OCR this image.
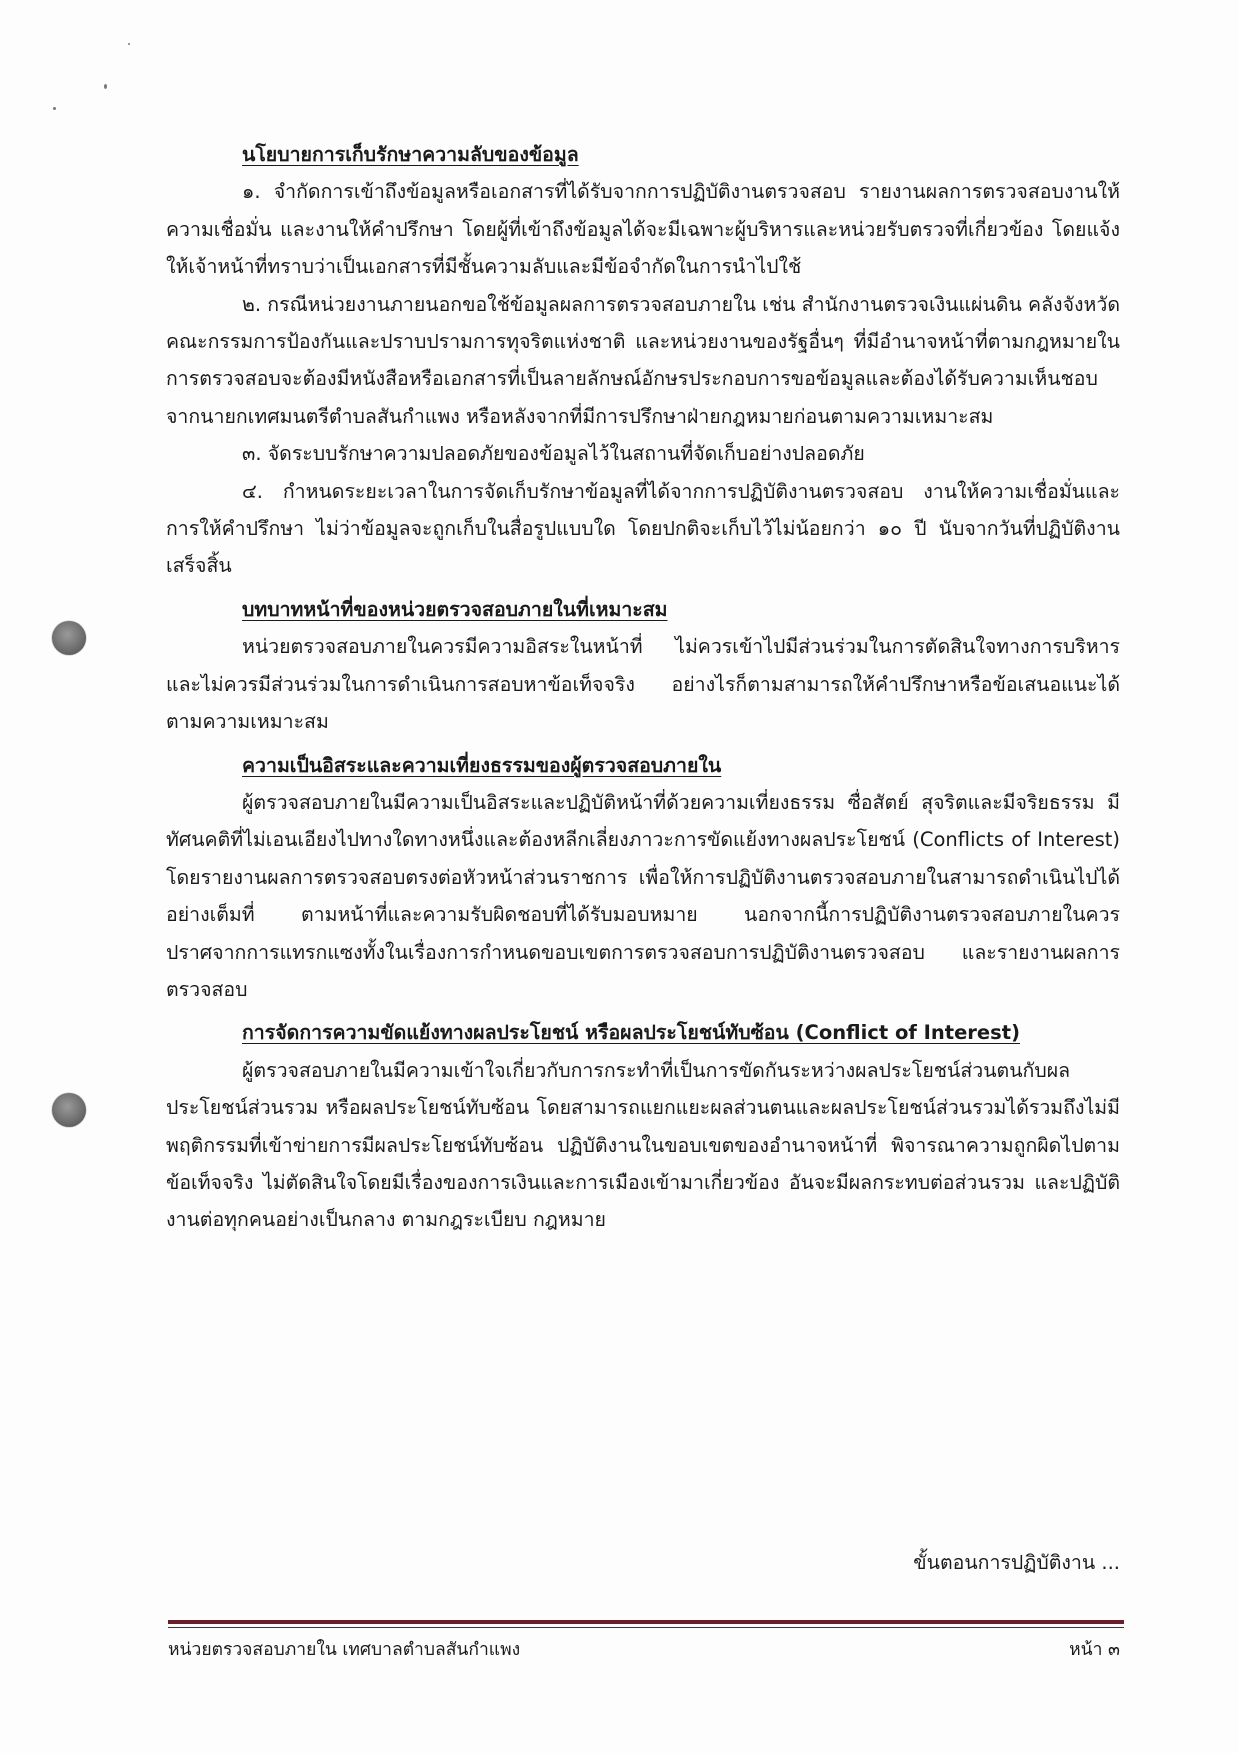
นโยบายการเก็บรักษาความลับของข้อมูล

๑. จำกัดการเข้าถึงข้อมูลหรือเอกสารที่ได้รับจากการปฏิบัติงานตรวจสอบ รายงานผลการตรวจสอบงานให้ความเชื่อมั่น และงานให้คำปรึกษา โดยผู้ที่เข้าถึงข้อมูลได้จะมีเฉพาะผู้บริหารและหน่วยรับตรวจที่เกี่ยวข้อง โดยแจ้งให้เจ้าหน้าที่ทราบว่าเป็นเอกสารที่มีชั้นความลับและมีข้อจำกัดในการนำไปใช้

๒. กรณีหน่วยงานภายนอกขอใช้ข้อมูลผลการตรวจสอบภายใน เช่น สำนักงานตรวจเงินแผ่นดิน คลังจังหวัด คณะกรรมการป้องกันและปราบปรามการทุจริตแห่งชาติ และหน่วยงานของรัฐอื่นๆ ที่มีอำนาจหน้าที่ตามกฎหมายในการตรวจสอบจะต้องมีหนังสือหรือเอกสารที่เป็นลายลักษณ์อักษรประกอบการขอข้อมูลและต้องได้รับความเห็นชอบจากนายกเทศมนตรีตำบลสันกำแพง หรือหลังจากที่มีการปรึกษาฝ่ายกฎหมายก่อนตามความเหมาะสม

๓. จัดระบบรักษาความปลอดภัยของข้อมูลไว้ในสถานที่จัดเก็บอย่างปลอดภัย

๔. กำหนดระยะเวลาในการจัดเก็บรักษาข้อมูลที่ได้จากการปฏิบัติงานตรวจสอบ งานให้ความเชื่อมั่นและการให้คำปรึกษา ไม่ว่าข้อมูลจะถูกเก็บในสื่อรูปแบบใด โดยปกติจะเก็บไว้ไม่น้อยกว่า ๑๐ ปี นับจากวันที่ปฏิบัติงานเสร็จสิ้น

บทบาทหน้าที่ของหน่วยตรวจสอบภายในที่เหมาะสม

หน่วยตรวจสอบภายในควรมีความอิสระในหน้าที่ ไม่ควรเข้าไปมีส่วนร่วมในการตัดสินใจทางการบริหาร และไม่ควรมีส่วนร่วมในการดำเนินการสอบหาข้อเท็จจริง อย่างไรก็ตามสามารถให้คำปรึกษาหรือข้อเสนอแนะได้ตามความเหมาะสม

ความเป็นอิสระและความเที่ยงธรรมของผู้ตรวจสอบภายใน

ผู้ตรวจสอบภายในมีความเป็นอิสระและปฏิบัติหน้าที่ด้วยความเที่ยงธรรม ซื่อสัตย์ สุจริตและมีจริยธรรม มีทัศนคติที่ไม่เอนเอียงไปทางใดทางหนึ่งและต้องหลีกเลี่ยงภาวะการขัดแย้งทางผลประโยชน์ (Conflicts of Interest) โดยรายงานผลการตรวจสอบตรงต่อหัวหน้าส่วนราชการ เพื่อให้การปฏิบัติงานตรวจสอบภายในสามารถดำเนินไปได้อย่างเต็มที่ ตามหน้าที่และความรับผิดชอบที่ได้รับมอบหมาย นอกจากนี้การปฏิบัติงานตรวจสอบภายในควรปราศจากการแทรกแซงทั้งในเรื่องการกำหนดขอบเขตการตรวจสอบการปฏิบัติงานตรวจสอบ และรายงานผลการตรวจสอบ

การจัดการความขัดแย้งทางผลประโยชน์ หรือผลประโยชน์ทับซ้อน (Conflict of Interest)

ผู้ตรวจสอบภายในมีความเข้าใจเกี่ยวกับการกระทำที่เป็นการขัดกันระหว่างผลประโยชน์ส่วนตนกับผลประโยชน์ส่วนรวม หรือผลประโยชน์ทับซ้อน โดยสามารถแยกแยะผลส่วนตนและผลประโยชน์ส่วนรวมได้รวมถึงไม่มีพฤติกรรมที่เข้าข่ายการมีผลประโยชน์ทับซ้อน ปฏิบัติงานในขอบเขตของอำนาจหน้าที่ พิจารณาความถูกผิดไปตามข้อเท็จจริง ไม่ตัดสินใจโดยมีเรื่องของการเงินและการเมืองเข้ามาเกี่ยวข้อง อันจะมีผลกระทบต่อส่วนรวม และปฏิบัติงานต่อทุกคนอย่างเป็นกลาง ตามกฎระเบียบ กฎหมาย

ขั้นตอนการปฏิบัติงาน ...
หน่วยตรวจสอบภายใน เทศบาลตำบลสันกำแพง	หน้า ๓
